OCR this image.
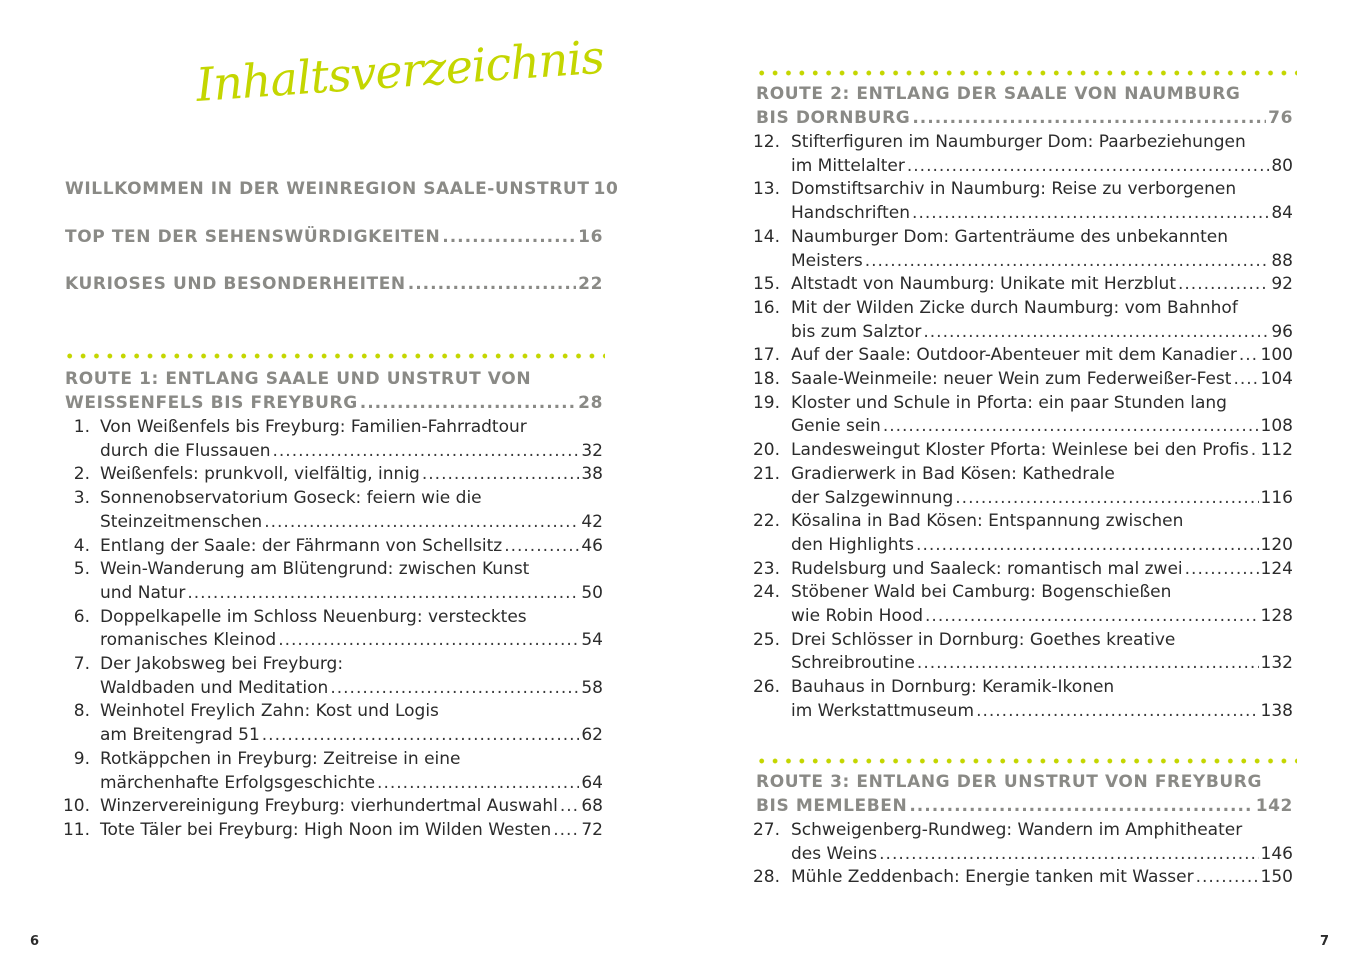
Inhaltsverzeichnis
WILLKOMMEN IN DER WEINREGION SAALE-UNSTRUT 10
TOP TEN DER SEHENSWÜRDIGKEITEN .....	16
KURIOSES UND BESONDERHEITEN .....	22
ROUTE 1: ENTLANG SAALE UND UNSTRUT VON
WEISSENFELS BIS FREYBURG .....	28
1. Von Weißenfels bis Freyburg: Familien-Fahrradtour
durch die Flussauen .....	32
2. Weißenfels: prunkvoll, vielfältig, innig .....	38
3. Sonnenobservatorium Goseck: feiern wie die
Steinzeitmenschen .....	42
4. Entlang der Saale: der Fährmann von Schellsitz .....	46
5. Wein-Wanderung am Blütengrund: zwischen Kunst
und Natur .....	50
6. Doppelkapelle im Schloss Neuenburg: verstecktes
romanisches Kleinod .....	54
7. Der Jakobsweg bei Freyburg:
Waldbaden und Meditation .....	58
8. Weinhotel Freylich Zahn: Kost und Logis
am Breitengrad 51 .....	62
9. Rotkäppchen in Freyburg: Zeitreise in eine
märchenhafte Erfolgsgeschichte .....	64
10. Winzervereinigung Freyburg: vierhundertmal Auswahl ..... 68
11. Tote Täler bei Freyburg: High Noon im Wilden Westen ..... 72
6
ROUTE 2: ENTLANG DER SAALE VON NAUMBURG
BIS DORNBURG .....	76
12. Stifterfiguren im Naumburger Dom: Paarbeziehungen
im Mittelalter .....	80
13. Domstiftsarchiv in Naumburg: Reise zu verborgenen
Handschriften .....	84
14. Naumburger Dom: Gartenträume des unbekannten
Meisters .....	88
15. Altstadt von Naumburg: Unikate mit Herzblut .....	92
16. Mit der Wilden Zicke durch Naumburg: vom Bahnhof
bis zum Salztor .....	96
17. Auf der Saale: Outdoor-Abenteuer mit dem Kanadier ..... 100
18. Saale-Weinmeile: neuer Wein zum Federweißer-Fest ..... 104
19. Kloster und Schule in Pforta: ein paar Stunden lang
Genie sein .....	108
20. Landesweingut Kloster Pforta: Weinlese bei den Profis ..... 112
21. Gradierwerk in Bad Kösen: Kathedrale
der Salzgewinnung .....	116
22. Kösalina in Bad Kösen: Entspannung zwischen
den Highlights .....	120
23. Rudelsburg und Saaleck: romantisch mal zwei .....	124
24. Stöbener Wald bei Camburg: Bogenschießen
wie Robin Hood .....	128
25. Drei Schlösser in Dornburg: Goethes kreative
Schreibroutine .....	132
26. Bauhaus in Dornburg: Keramik-Ikonen
im Werkstattmuseum .....	138
ROUTE 3: ENTLANG DER UNSTRUT VON FREYBURG
BIS MEMLEBEN .....	142
27. Schweigenberg-Rundweg: Wandern im Amphitheater
des Weins .....	146
28. Mühle Zeddenbach: Energie tanken mit Wasser .....	150
7
